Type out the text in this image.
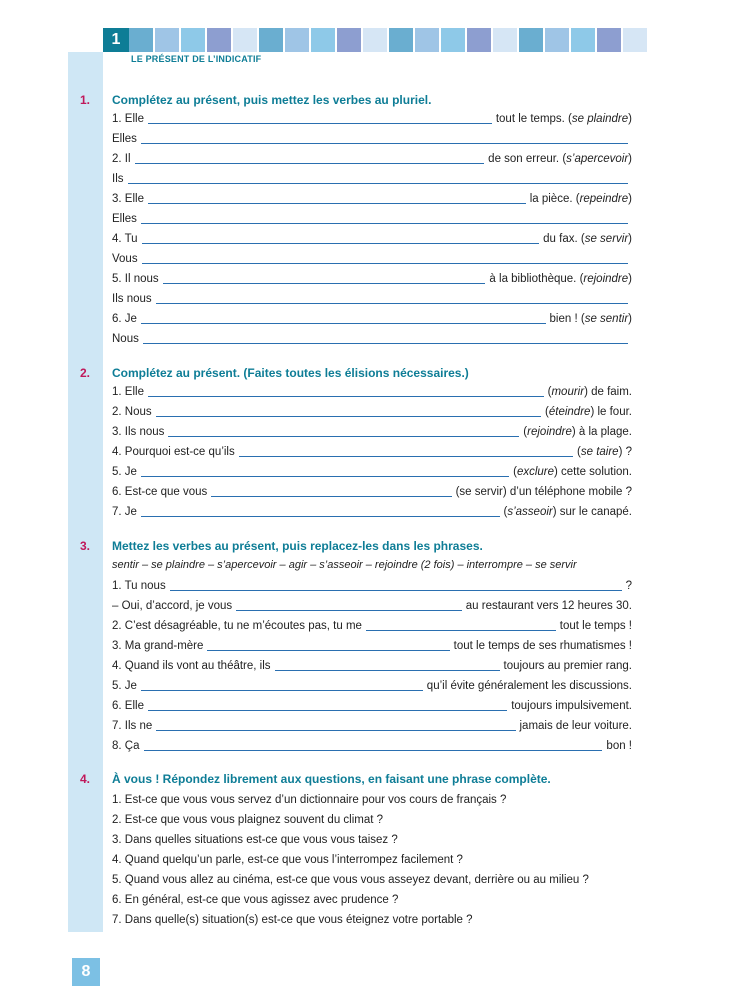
1
LE PRÉSENT DE L’INDICATIF
1. Complétez au présent, puis mettez les verbes au pluriel.
1. Elle	tout le temps. ( se plaindre )
Elles
2. Il	de son erreur. ( s’apercevoir )
Ils
3. Elle	la pièce. ( repeindre )
Elles
4. Tu	du fax. ( se servir )
Vous
5. Il nous	à la bibliothèque. ( rejoindre )
Ils nous
6. Je	bien ! ( se sentir )
Nous
2. Complétez au présent. (Faites toutes les élisions nécessaires.)
1. Elle	( mourir ) de faim.
2. Nous	( éteindre ) le four.
3. Ils nous	( rejoindre ) à la plage.
4. Pourquoi est-ce qu’ils	( se taire ) ?
5. Je	( exclure ) cette solution.
6. Est-ce que vous	(se servir) d’un téléphone mobile ?
7. Je	( s’asseoir ) sur le canapé.
3. Mettez les verbes au présent, puis replacez-les dans les phrases.
sentir – se plaindre – s’apercevoir – agir – s’asseoir – rejoindre (2 fois) – interrompre – se servir
1. Tu nous	?
– Oui, d’accord, je vous	au restaurant vers 12 heures 30.
2. C’est désagréable, tu ne m’écoutes pas, tu me	tout le temps !
3. Ma grand-mère	tout le temps de ses rhumatismes !
4. Quand ils vont au théâtre, ils	toujours au premier rang.
5. Je	qu’il évite généralement les discussions.
6. Elle	toujours impulsivement.
7. Ils ne	jamais de leur voiture.
8. Ça	bon !
4. À vous ! Répondez librement aux questions, en faisant une phrase complète.
1. Est-ce que vous vous servez d’un dictionnaire pour vos cours de français ?
2. Est-ce que vous vous plaignez souvent du climat ?
3. Dans quelles situations est-ce que vous vous taisez ?
4. Quand quelqu’un parle, est-ce que vous l’interrompez facilement ?
5. Quand vous allez au cinéma, est-ce que vous vous asseyez devant, derrière ou au milieu ?
6. En général, est-ce que vous agissez avec prudence ?
7. Dans quelle(s) situation(s) est-ce que vous éteignez votre portable ?
8
